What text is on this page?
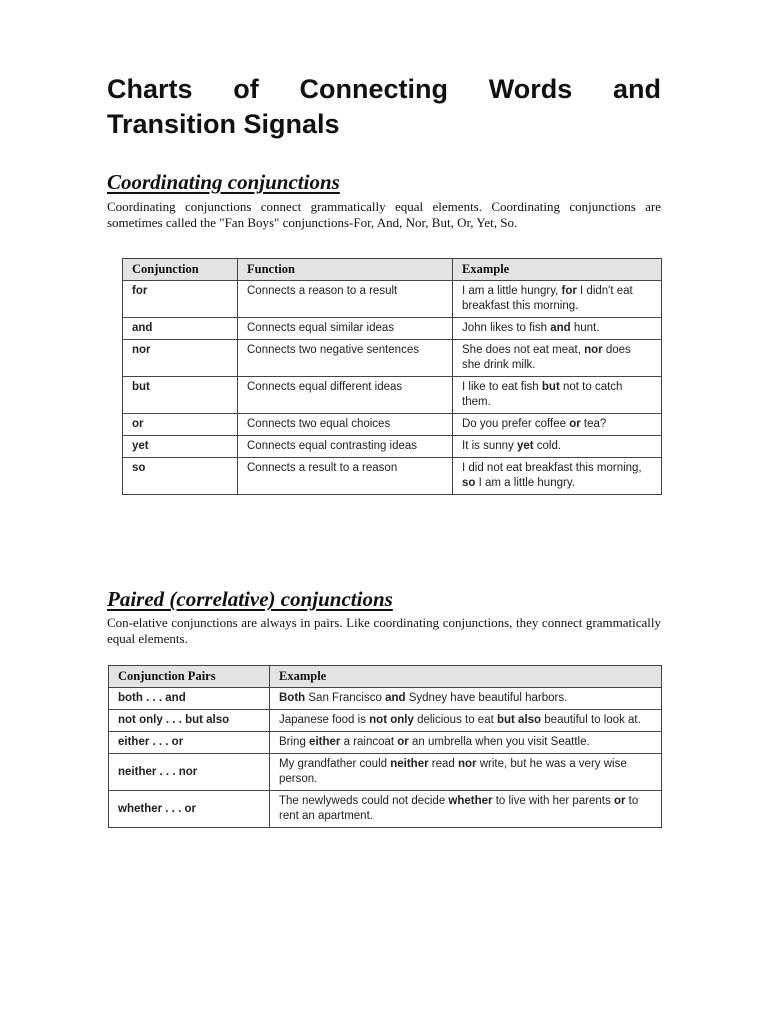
Charts of Connecting Words and
Transition Signals
Coordinating conjunctions

Coordinating conjunctions connect grammatically equal elements. Coordinating conjunctions are sometimes called the "Fan Boys" conjunctions-For, And, Nor, But, Or, Yet, So.

Conjunction	Function	Example
for	Connects a reason to a result	I am a little hungry, for I didn't eat breakfast this morning.
and	Connects equal similar ideas	John likes to fish and hunt.
nor	Connects two negative sentences	She does not eat meat, nor does she drink milk.
but	Connects equal different ideas	I like to eat fish but not to catch them.
or	Connects two equal choices	Do you prefer coffee or tea?
yet	Connects equal contrasting ideas	It is sunny yet cold.
so	Connects a result to a reason	I did not eat breakfast this morning, so I am a little hungry.
Paired (correlative) conjunctions

Con-elative conjunctions are always in pairs. Like coordinating conjunctions, they connect grammatically equal elements.

Conjunction Pairs	Example
both . . . and	Both San Francisco and Sydney have beautiful harbors.
not only . . . but also	Japanese food is not only delicious to eat but also beautiful to look at.
either . . . or	Bring either a raincoat or an umbrella when you visit Seattle.
neither . . . nor	My grandfather could neither read nor write, but he was a very wise person.
whether . . . or	The newlyweds could not decide whether to live with her parents or to rent an apartment.
